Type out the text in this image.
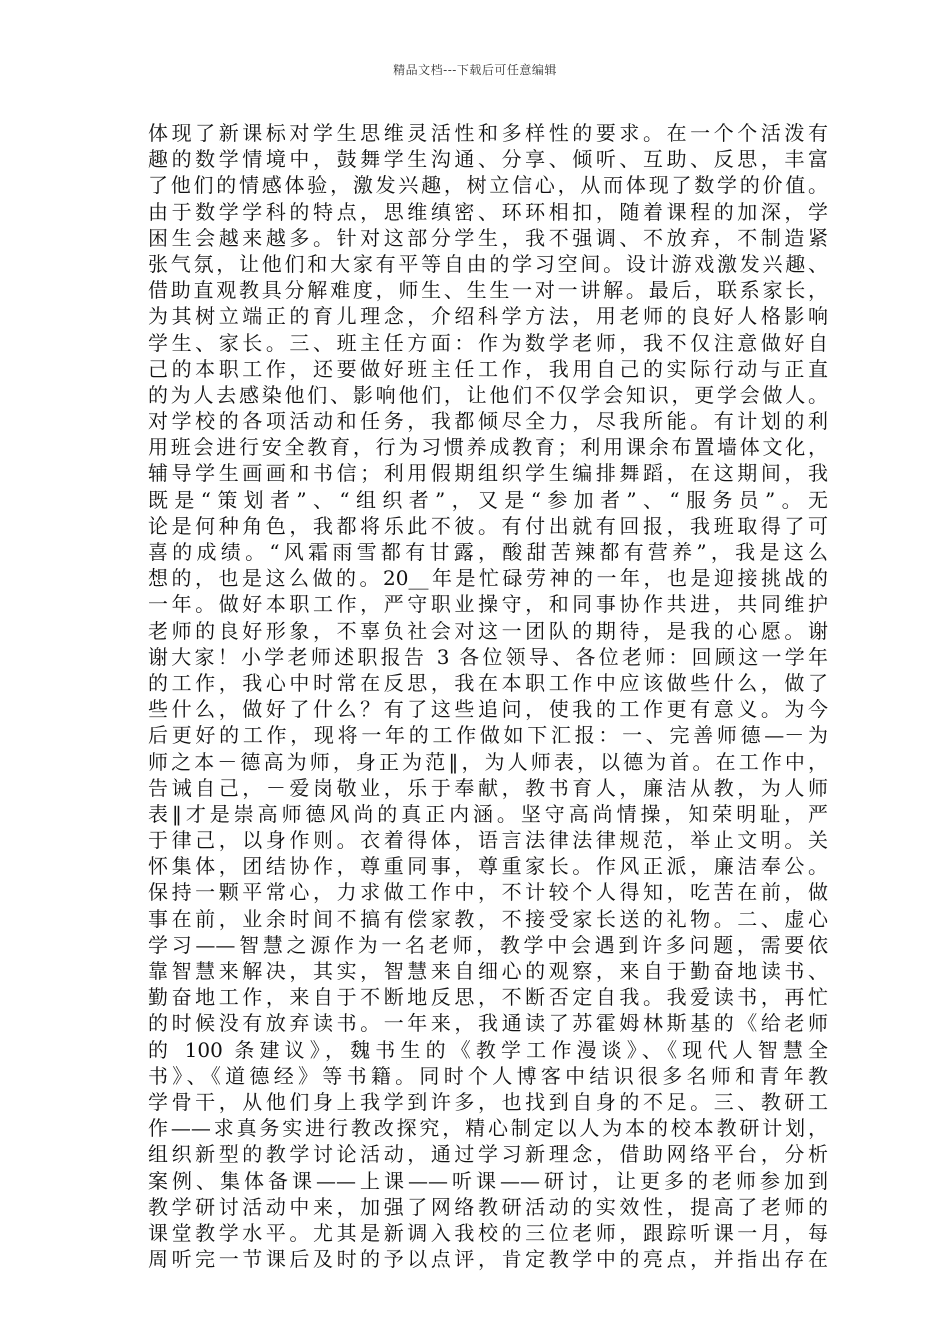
精品文档---下载后可任意编辑
体现了新课标对学生思维灵活性和多样性的要求。在一个个活泼有
趣的数学情境中，鼓舞学生沟通、分享、倾听、互助、反思，丰富
了他们的情感体验，激发兴趣，树立信心，从而体现了数学的价值。
由于数学学科的特点，思维缜密、环环相扣，随着课程的加深，学
困生会越来越多。针对这部分学生，我不强调、不放弃，不制造紧
张气氛，让他们和大家有平等自由的学习空间。设计游戏激发兴趣、
借助直观教具分解难度，师生、生生一对一讲解。最后，联系家长，
为其树立端正的育儿理念，介绍科学方法，用老师的良好人格影响
学生、家长。三、班主任方面：作为数学老师，我不仅注意做好自
己的本职工作，还要做好班主任工作，我用自己的实际行动与正直
的为人去感染他们、影响他们，让他们不仅学会知识，更学会做人。
对学校的各项活动和任务，我都倾尽全力，尽我所能。有计划的利
用班会进行安全教育，行为习惯养成教育；利用课余布置墙体文化，
辅导学生画画和书信；利用假期组织学生编排舞蹈，在这期间，我
既是“策划者”、“组织者”，又是“参加者”、“服务员”。无
论是何种角色，我都将乐此不彼。有付出就有回报，我班取得了可
喜的成绩。“风霜雨雪都有甘露，酸甜苦辣都有营养”，我是这么
想的，也是这么做的。20__年是忙碌劳神的一年，也是迎接挑战的
一年。做好本职工作，严守职业操守，和同事协作共进，共同维护
老师的良好形象，不辜负社会对这一团队的期待，是我的心愿。谢
谢大家！小学老师述职报告 3 各位领导、各位老师：回顾这一学年
的工作，我心中时常在反思，我在本职工作中应该做些什么，做了
些什么，做好了什么？有了这些追问，使我的工作更有意义。为今
后更好的工作，现将一年的工作做如下汇报：一、完善师德—－为
师之本－德高为师，身正为范‖，为人师表，以德为首。在工作中，
告诫自己，－爱岗敬业，乐于奉献，教书育人，廉洁从教，为人师
表‖才是崇高师德风尚的真正内涵。坚守高尚情操，知荣明耻，严
于律己，以身作则。衣着得体，语言法律法律规范，举止文明。关
怀集体，团结协作，尊重同事，尊重家长。作风正派，廉洁奉公。
保持一颗平常心，力求做工作中，不计较个人得知，吃苦在前，做
事在前，业余时间不搞有偿家教，不接受家长送的礼物。二、虚心
学习——智慧之源作为一名老师，教学中会遇到许多问题，需要依
靠智慧来解决，其实，智慧来自细心的观察，来自于勤奋地读书、
勤奋地工作，来自于不断地反思，不断否定自我。我爱读书，再忙
的时候没有放弃读书。一年来，我通读了苏霍姆林斯基的《给老师
的 100 条建议》，魏书生的《教学工作漫谈》、《现代人智慧全
书》、《道德经》等书籍。同时个人博客中结识很多名师和青年教
学骨干，从他们身上我学到许多，也找到自身的不足。三、教研工
作——求真务实进行教改探究，精心制定以人为本的校本教研计划，
组织新型的教学讨论活动，通过学习新理念，借助网络平台，分析
案例、集体备课——上课——听课——研讨，让更多的老师参加到
教学研讨活动中来，加强了网络教研活动的实效性，提高了老师的
课堂教学水平。尤其是新调入我校的三位老师，跟踪听课一月，每
周听完一节课后及时的予以点评，肯定教学中的亮点，并指出存在
